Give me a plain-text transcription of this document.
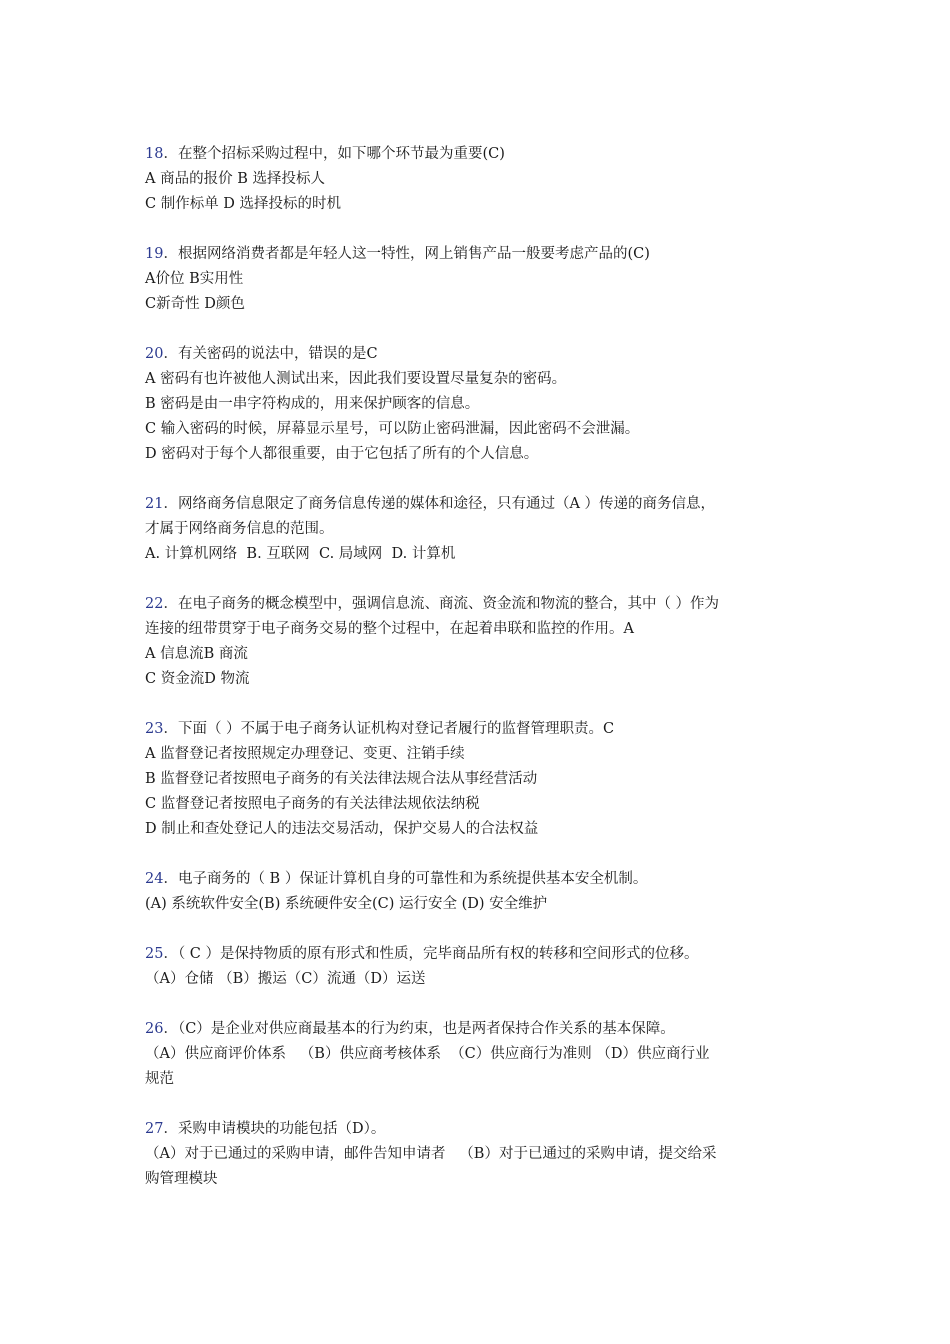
18．在整个招标采购过程中，如下哪个环节最为重要(C)
A 商品的报价 B 选择投标人
C 制作标单 D 选择投标的时机
19．根据网络消费者都是年轻人这一特性，网上销售产品一般要考虑产品的(C)
A价位 B实用性
C新奇性 D颜色
20．有关密码的说法中，错误的是C
A 密码有也许被他人测试出来，因此我们要设置尽量复杂的密码。
B 密码是由一串字符构成的，用来保护顾客的信息。
C 输入密码的时候，屏幕显示星号，可以防止密码泄漏，因此密码不会泄漏。
D 密码对于每个人都很重要，由于它包括了所有的个人信息。
21．网络商务信息限定了商务信息传递的媒体和途径，只有通过（A ）传递的商务信息，
才属于网络商务信息的范围。
A. 计算机网络  B. 互联网  C. 局域网  D. 计算机
22．在电子商务的概念模型中，强调信息流、商流、资金流和物流的整合，其中（ ）作为
连接的纽带贯穿于电子商务交易的整个过程中，在起着串联和监控的作用。A
A 信息流B 商流
C 资金流D 物流
23．下面（ ）不属于电子商务认证机构对登记者履行的监督管理职责。C
A 监督登记者按照规定办理登记、变更、注销手续
B 监督登记者按照电子商务的有关法律法规合法从事经营活动
C 监督登记者按照电子商务的有关法律法规依法纳税
D 制止和查处登记人的违法交易活动，保护交易人的合法权益
24．电子商务的（ B ）保证计算机自身的可靠性和为系统提供基本安全机制。
(A) 系统软件安全(B) 系统硬件安全(C) 运行安全 (D) 安全维护
25．（ C ）是保持物质的原有形式和性质，完毕商品所有权的转移和空间形式的位移。
（A）仓储 （B）搬运（C）流通（D）运送
26．（C）是企业对供应商最基本的行为约束，也是两者保持合作关系的基本保障。
（A）供应商评价体系   （B）供应商考核体系  （C）供应商行为准则 （D）供应商行业
规范
27．采购申请模块的功能包括（D）。
（A）对于已通过的采购申请，邮件告知申请者   （B）对于已通过的采购申请，提交给采
购管理模块
